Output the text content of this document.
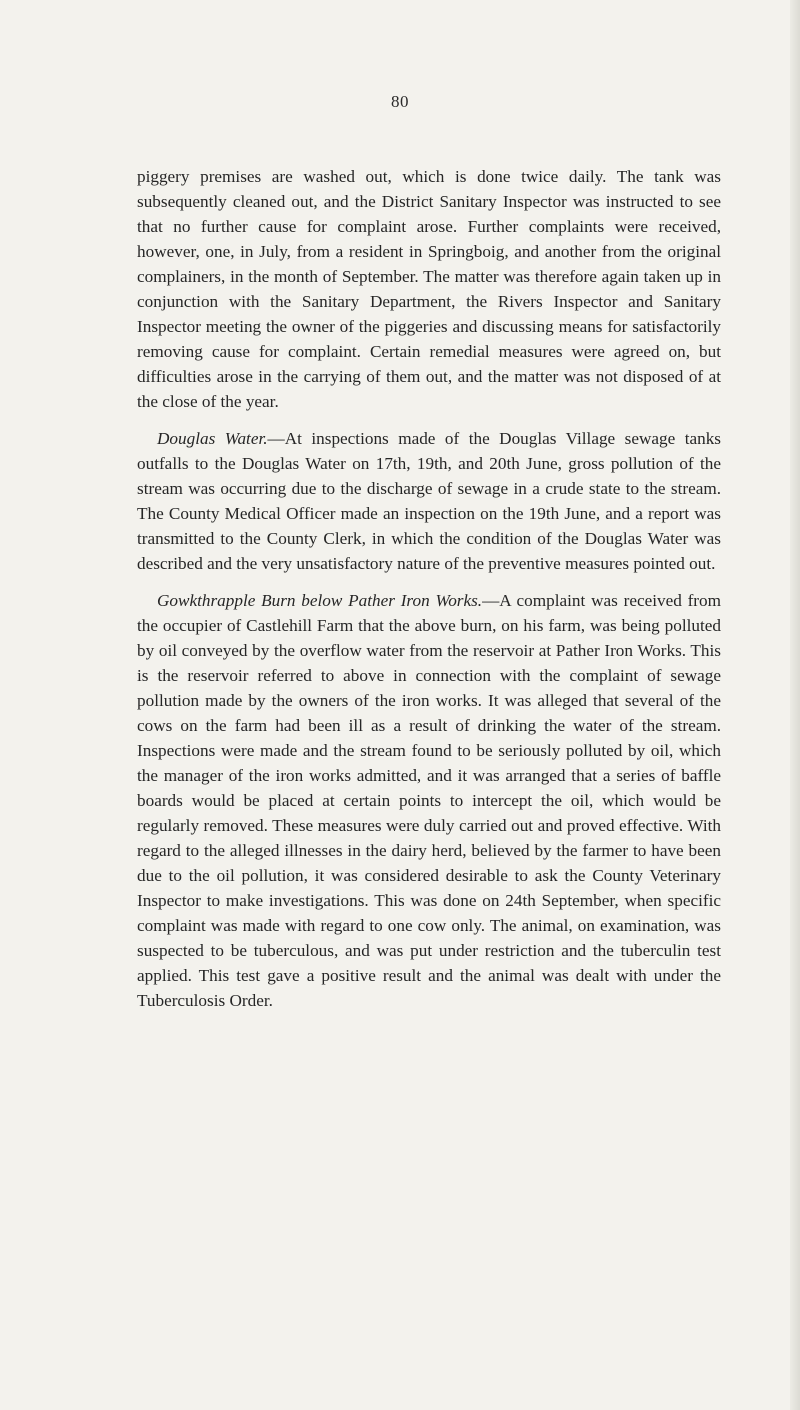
80

piggery premises are washed out, which is done twice daily. The tank was subsequently cleaned out, and the District Sanitary Inspector was instructed to see that no further cause for complaint arose. Further complaints were received, however, one, in July, from a resident in Springboig, and another from the original complainers, in the month of September. The matter was therefore again taken up in conjunction with the Sanitary Department, the Rivers Inspector and Sanitary Inspector meeting the owner of the piggeries and discussing means for satisfactorily removing cause for complaint. Certain remedial measures were agreed on, but difficulties arose in the carrying of them out, and the matter was not disposed of at the close of the year.

Douglas Water.—At inspections made of the Douglas Village sewage tanks outfalls to the Douglas Water on 17th, 19th, and 20th June, gross pollution of the stream was occurring due to the discharge of sewage in a crude state to the stream. The County Medical Officer made an inspection on the 19th June, and a report was transmitted to the County Clerk, in which the condition of the Douglas Water was described and the very unsatisfactory nature of the preventive measures pointed out.

Gowkthrapple Burn below Pather Iron Works.—A complaint was received from the occupier of Castlehill Farm that the above burn, on his farm, was being polluted by oil conveyed by the overflow water from the reservoir at Pather Iron Works. This is the reservoir referred to above in connection with the complaint of sewage pollution made by the owners of the iron works. It was alleged that several of the cows on the farm had been ill as a result of drinking the water of the stream. Inspections were made and the stream found to be seriously polluted by oil, which the manager of the iron works admitted, and it was arranged that a series of baffle boards would be placed at certain points to intercept the oil, which would be regularly removed. These measures were duly carried out and proved effective. With regard to the alleged illnesses in the dairy herd, believed by the farmer to have been due to the oil pollution, it was considered desirable to ask the County Veterinary Inspector to make investigations. This was done on 24th September, when specific complaint was made with regard to one cow only. The animal, on examination, was suspected to be tuberculous, and was put under restriction and the tuberculin test applied. This test gave a positive result and the animal was dealt with under the Tuberculosis Order.
